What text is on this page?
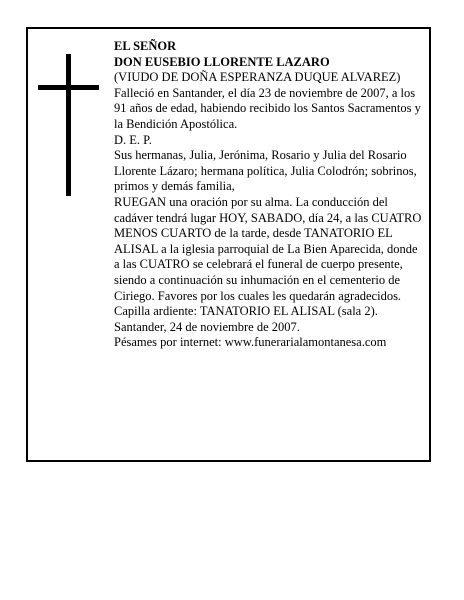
EL SEÑOR

DON EUSEBIO LLORENTE LAZARO

(VIUDO DE DOÑA ESPERANZA DUQUE ALVAREZ)

Falleció en Santander, el día 23 de noviembre de 2007, a los 91 años de edad, habiendo recibido los Santos Sacramentos y la Bendición Apostólica.

D. E. P.

Sus hermanas, Julia, Jerónima, Rosario y Julia del Rosario Llorente Lázaro; hermana política, Julia Colodrón; sobrinos, primos y demás familia,

RUEGAN una oración por su alma. La conducción del cadáver tendrá lugar HOY, SABADO, día 24, a las CUATRO MENOS CUARTO de la tarde, desde TANATORIO EL ALISAL a la iglesia parroquial de La Bien Aparecida, donde a las CUATRO se celebrará el funeral de cuerpo presente, siendo a continuación su inhumación en el cementerio de Ciriego. Favores por los cuales les quedarán agradecidos.

Capilla ardiente: TANATORIO EL ALISAL (sala 2).

Santander, 24 de noviembre de 2007.

Pésames por internet: www.funerarialamontanesa.com
